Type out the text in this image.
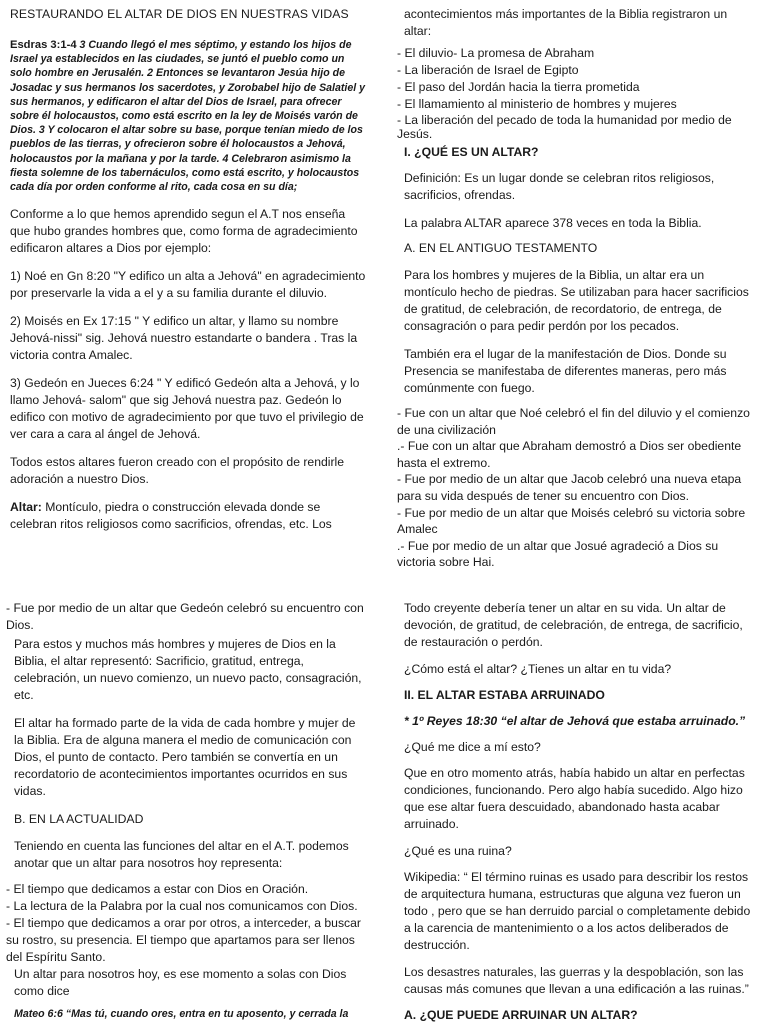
RESTAURANDO EL ALTAR DE DIOS EN NUESTRAS VIDAS

Esdras 3:1-4 3 Cuando llegó el mes séptimo, y estando los hijos de Israel ya establecidos en las ciudades, se juntó el pueblo como un solo hombre en Jerusalén. 2 Entonces se levantaron Jesúa hijo de Josadac y sus hermanos los sacerdotes, y Zorobabel hijo de Salatiel y sus hermanos, y edificaron el altar del Dios de Israel, para ofrecer sobre él holocaustos, como está escrito en la ley de Moisés varón de Dios. 3 Y colocaron el altar sobre su base, porque tenían miedo de los pueblos de las tierras, y ofrecieron sobre él holocaustos a Jehová, holocaustos por la mañana y por la tarde. 4 Celebraron asimismo la fiesta solemne de los tabernáculos, como está escrito, y holocaustos cada día por orden conforme al rito, cada cosa en su día;

Conforme a lo que hemos aprendido segun el A.T nos enseña que hubo grandes hombres que, como forma de agradecimiento edificaron altares a Dios por ejemplo:

1) Noé en Gn 8:20 "Y edifico un alta a Jehová" en agradecimiento por preservarle la vida a el y a su familia durante el diluvio.

2) Moisés en Ex 17:15 " Y edifico un altar, y llamo su nombre Jehová-nissi" sig. Jehová nuestro estandarte o bandera . Tras la victoria contra Amalec.

3) Gedeón en Jueces 6:24 " Y edificó Gedeón alta a Jehová, y lo llamo Jehová- salom" que sig Jehová nuestra paz. Gedeón lo edifico con motivo de agradecimiento por que tuvo el privilegio de ver cara a cara al ángel de Jehová.

Todos estos altares fueron creado con el propósito de rendirle adoración a nuestro Dios.

Altar: Montículo, piedra o construcción elevada donde se celebran ritos religiosos como sacrificios, ofrendas, etc. Los

acontecimientos más importantes de la Biblia registraron un altar:

- El diluvio- La promesa de Abraham

- La liberación de Israel de Egipto

- El paso del Jordán hacia la tierra prometida

- El llamamiento al ministerio de hombres y mujeres

- La liberación del pecado de toda la humanidad por medio de Jesús.

I. ¿QUÉ ES UN ALTAR?

Definición: Es un lugar donde se celebran ritos religiosos, sacrificios, ofrendas.

La palabra ALTAR aparece 378 veces en toda la Biblia.

A. EN EL ANTIGUO TESTAMENTO

Para los hombres y mujeres de la Biblia, un altar era un montículo hecho de piedras. Se utilizaban para hacer sacrificios de gratitud, de celebración, de recordatorio, de entrega, de consagración o para pedir perdón por los pecados.

También era el lugar de la manifestación de Dios. Donde su Presencia se manifestaba de diferentes maneras, pero más comúnmente con fuego.

- Fue con un altar que Noé celebró el fin del diluvio y el comienzo de una civilización

.- Fue con un altar que Abraham demostró a Dios ser obediente hasta el extremo.

- Fue por medio de un altar que Jacob celebró una nueva etapa para su vida después de tener su encuentro con Dios.

- Fue por medio de un altar que Moisés celebró su victoria sobre Amalec

.- Fue por medio de un altar que Josué agradeció a Dios su victoria sobre Hai.

- Fue por medio de un altar que Gedeón celebró su encuentro con Dios.

Para estos y muchos más hombres y mujeres de Dios en la Biblia, el altar representó: Sacrificio, gratitud, entrega, celebración, un nuevo comienzo, un nuevo pacto, consagración, etc.

El altar ha formado parte de la vida de cada hombre y mujer de la Biblia. Era de alguna manera el medio de comunicación con Dios, el punto de contacto. Pero también se convertía en un recordatorio de acontecimientos importantes ocurridos en sus vidas.

B. EN LA ACTUALIDAD

Teniendo en cuenta las funciones del altar en el A.T. podemos anotar que un altar para nosotros hoy representa:

- El tiempo que dedicamos a estar con Dios en Oración.

- La lectura de la Palabra por la cual nos comunicamos con Dios.

- El tiempo que dedicamos a orar por otros, a interceder, a buscar su rostro, su presencia. El tiempo que apartamos para ser llenos del Espíritu Santo.

Un altar para nosotros hoy, es ese momento a solas con Dios como dice

Mateo 6:6 “Mas tú, cuando ores, entra en tu aposento, y cerrada la

Todo creyente debería tener un altar en su vida. Un altar de devoción, de gratitud, de celebración, de entrega, de sacrificio, de restauración o perdón.

¿Cómo está el altar? ¿Tienes un altar en tu vida?

II. EL ALTAR ESTABA ARRUINADO

* 1º Reyes 18:30 “el altar de Jehová que estaba arruinado.”

¿Qué me dice a mí esto?

Que en otro momento atrás, había habido un altar en perfectas condiciones, funcionando. Pero algo había sucedido. Algo hizo que ese altar fuera descuidado, abandonado hasta acabar arruinado.

¿Qué es una ruina?

Wikipedia: “ El término ruinas es usado para describir los restos de arquitectura humana, estructuras que alguna vez fueron un todo , pero que se han derruido parcial o completamente debido a la carencia de mantenimiento o a los actos deliberados de destrucción.

Los desastres naturales, las guerras y la despoblación, son las causas más comunes que llevan a una edificación a las ruinas.”

A. ¿QUE PUEDE ARRUINAR UN ALTAR?
